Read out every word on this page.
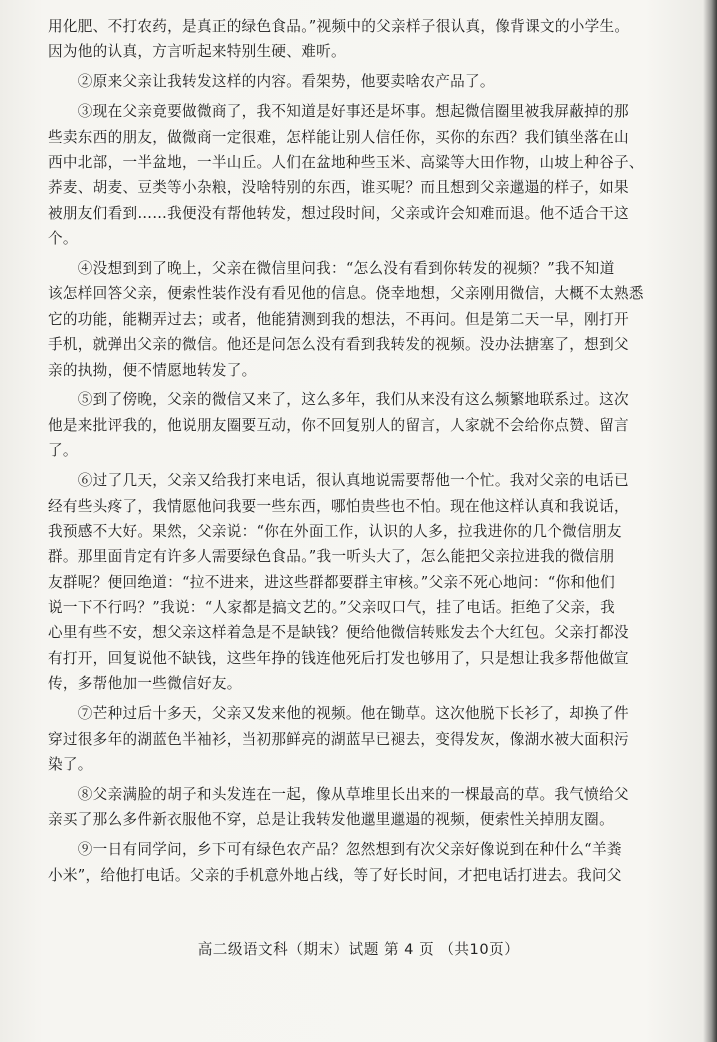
用化肥、不打农药，是真正的绿色食品。”视频中的父亲样子很认真，像背课文的小学生。
因为他的认真，方言听起来特别生硬、难听。
　　②原来父亲让我转发这样的内容。看架势，他要卖啥农产品了。
　　③现在父亲竟要做微商了，我不知道是好事还是坏事。想起微信圈里被我屏蔽掉的那
些卖东西的朋友，做微商一定很难，怎样能让别人信任你，买你的东西？我们镇坐落在山
西中北部，一半盆地，一半山丘。人们在盆地种些玉米、高粱等大田作物，山坡上种谷子、
荞麦、胡麦、豆类等小杂粮，没啥特别的东西，谁买呢？而且想到父亲邋遢的样子，如果
被朋友们看到……我便没有帮他转发，想过段时间，父亲或许会知难而退。他不适合干这
个。
　　④没想到到了晚上，父亲在微信里问我：“怎么没有看到你转发的视频？”我不知道
该怎样回答父亲，便索性装作没有看见他的信息。侥幸地想，父亲刚用微信，大概不太熟悉
它的功能，能糊弄过去；或者，他能猜测到我的想法，不再问。但是第二天一早，刚打开
手机，就弹出父亲的微信。他还是问怎么没有看到我转发的视频。没办法搪塞了，想到父
亲的执拗，便不情愿地转发了。
　　⑤到了傍晚，父亲的微信又来了，这么多年，我们从来没有这么频繁地联系过。这次
他是来批评我的，他说朋友圈要互动，你不回复别人的留言，人家就不会给你点赞、留言
了。
　　⑥过了几天，父亲又给我打来电话，很认真地说需要帮他一个忙。我对父亲的电话已
经有些头疼了，我情愿他问我要一些东西，哪怕贵些也不怕。现在他这样认真和我说话，
我预感不大好。果然，父亲说：“你在外面工作，认识的人多，拉我进你的几个微信朋友
群。那里面肯定有许多人需要绿色食品。”我一听头大了，怎么能把父亲拉进我的微信朋
友群呢？便回绝道：“拉不进来，进这些群都要群主审核。”父亲不死心地问：“你和他们
说一下不行吗？”我说：“人家都是搞文艺的。”父亲叹口气，挂了电话。拒绝了父亲，我
心里有些不安，想父亲这样着急是不是缺钱？便给他微信转账发去个大红包。父亲打都没
有打开，回复说他不缺钱，这些年挣的钱连他死后打发也够用了，只是想让我多帮他做宣
传，多帮他加一些微信好友。
　　⑦芒种过后十多天，父亲又发来他的视频。他在锄草。这次他脱下长衫了，却换了件
穿过很多年的湖蓝色半袖衫，当初那鲜亮的湖蓝早已褪去，变得发灰，像湖水被大面积污
染了。
　　⑧父亲满脸的胡子和头发连在一起，像从草堆里长出来的一棵最高的草。我气愤给父
亲买了那么多件新衣服他不穿，总是让我转发他邋里邋遢的视频，便索性关掉朋友圈。
　　⑨一日有同学问，乡下可有绿色农产品？忽然想到有次父亲好像说到在种什么“羊粪
小米”，给他打电话。父亲的手机意外地占线，等了好长时间，才把电话打进去。我问父
高二级语文科（期末）试题 第 4 页 （共10页）
